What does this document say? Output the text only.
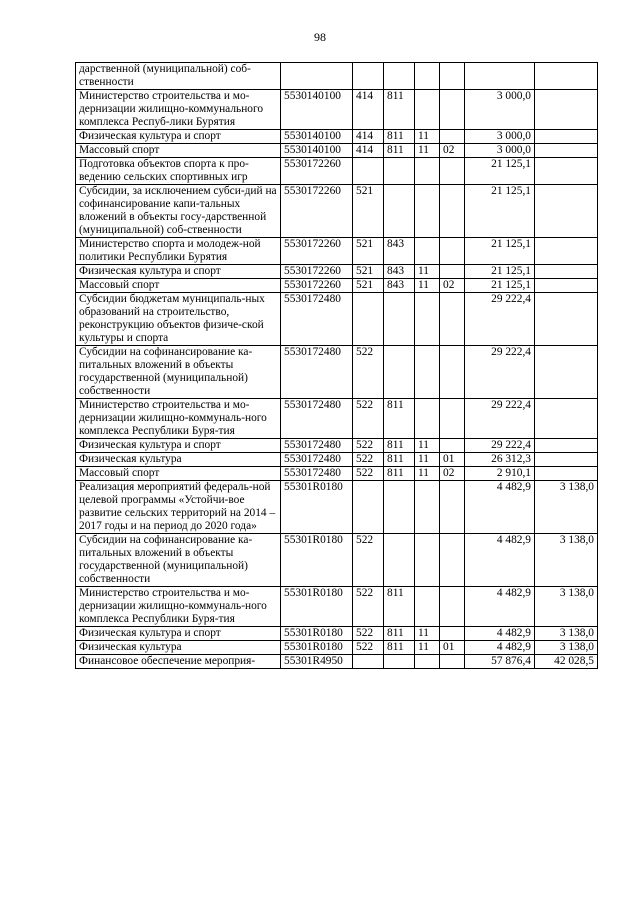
98
дарственной (муниципальной) соб-ственности							
Министерство строительства и мо-дернизации жилищно-коммунального комплекса Респуб-лики Бурятия	5530140100	414	811			3 000,0	
Физическая культура и спорт	5530140100	414	811	11		3 000,0	
Массовый спорт	5530140100	414	811	11	02	3 000,0	
Подготовка объектов спорта к про-ведению сельских спортивных игр	5530172260					21 125,1	
Субсидии, за исключением субси-дий на софинансирование капи-тальных вложений в объекты госу-дарственной (муниципальной) соб-ственности	5530172260	521				21 125,1	
Министерство спорта и молодеж-ной политики Республики Бурятия	5530172260	521	843			21 125,1	
Физическая культура и спорт	5530172260	521	843	11		21 125,1	
Массовый спорт	5530172260	521	843	11	02	21 125,1	
Субсидии бюджетам муниципаль-ных образований на строительство, реконструкцию объектов физиче-ской культуры и спорта	5530172480					29 222,4	
Субсидии на софинансирование ка-питальных вложений в объекты государственной (муниципальной) собственности	5530172480	522				29 222,4	
Министерство строительства и мо-дернизации жилищно-коммуналь-ного комплекса Республики Буря-тия	5530172480	522	811			29 222,4	
Физическая культура и спорт	5530172480	522	811	11		29 222,4	
Физическая культура	5530172480	522	811	11	01	26 312,3	
Массовый спорт	5530172480	522	811	11	02	2 910,1	
Реализация мероприятий федераль-ной целевой программы «Устойчи-вое развитие сельских территорий на 2014 – 2017 годы и на период до 2020 года»	55301R0180					4 482,9	3 138,0
Субсидии на софинансирование ка-питальных вложений в объекты государственной (муниципальной) собственности	55301R0180	522				4 482,9	3 138,0
Министерство строительства и мо-дернизации жилищно-коммуналь-ного комплекса Республики Буря-тия	55301R0180	522	811			4 482,9	3 138,0
Физическая культура и спорт	55301R0180	522	811	11		4 482,9	3 138,0
Физическая культура	55301R0180	522	811	11	01	4 482,9	3 138,0
Финансовое обеспечение мероприя-	55301R4950					57 876,4	42 028,5
